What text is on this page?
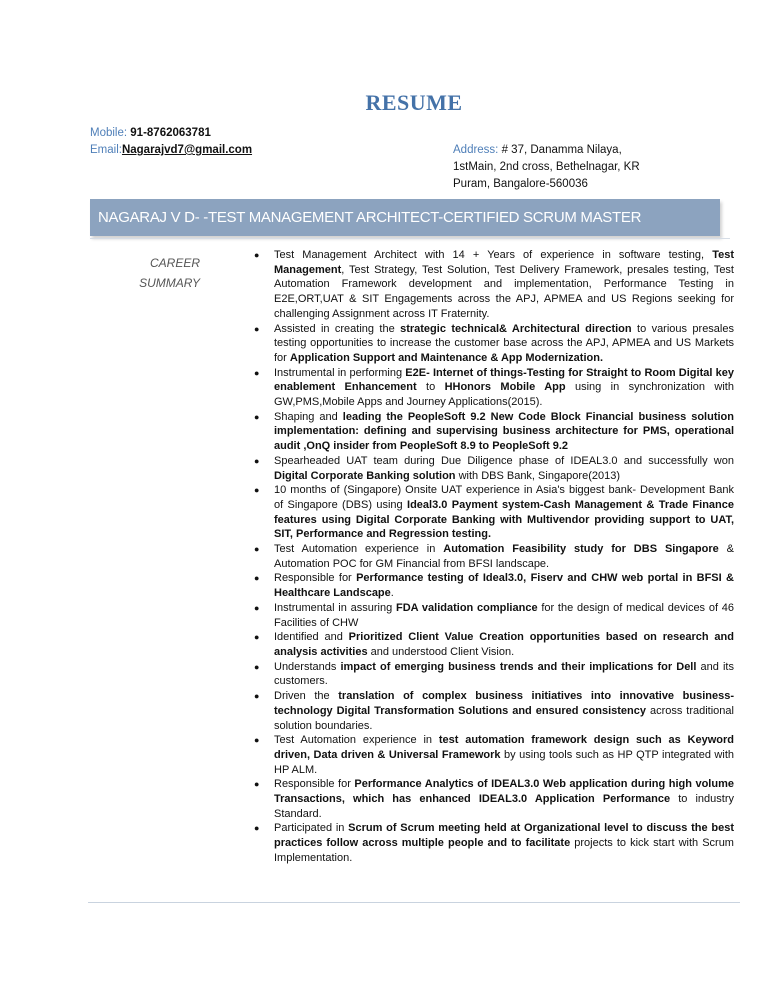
RESUME
Mobile: 91-8762063781
Email:Nagarajvd7@gmail.com	Address: # 37, Danamma Nilaya,
1stMain, 2nd cross, Bethelnagar, KR
Puram, Bangalore-560036
NAGARAJ V D- -TEST MANAGEMENT ARCHITECT-CERTIFIED SCRUM MASTER
CAREER
SUMMARY
● Test Management Architect with 14 + Years of experience in software testing, Test Management, Test Strategy, Test Solution, Test Delivery Framework, presales testing, Test Automation Framework development and implementation, Performance Testing in E2E,ORT,UAT & SIT Engagements across the APJ, APMEA and US Regions seeking for challenging Assignment across IT Fraternity.
● Assisted in creating the strategic technical& Architectural direction to various presales testing opportunities to increase the customer base across the APJ, APMEA and US Markets for Application Support and Maintenance & App Modernization.
● Instrumental in performing E2E- Internet of things-Testing for Straight to Room Digital key enablement Enhancement to HHonors Mobile App using in synchronization with GW,PMS,Mobile Apps and Journey Applications(2015).
● Shaping and leading the PeopleSoft 9.2 New Code Block Financial business solution implementation: defining and supervising business architecture for PMS, operational audit ,OnQ insider from PeopleSoft 8.9 to PeopleSoft 9.2
● Spearheaded UAT team during Due Diligence phase of IDEAL3.0 and successfully won Digital Corporate Banking solution with DBS Bank, Singapore(2013)
● 10 months of (Singapore) Onsite UAT experience in Asia's biggest bank- Development Bank of Singapore (DBS) using Ideal3.0 Payment system-Cash Management & Trade Finance features using Digital Corporate Banking with Multivendor providing support to UAT, SIT, Performance and Regression testing.
● Test Automation experience in Automation Feasibility study for DBS Singapore & Automation POC for GM Financial from BFSI landscape.
● Responsible for Performance testing of Ideal3.0, Fiserv and CHW web portal in BFSI & Healthcare Landscape.
● Instrumental in assuring FDA validation compliance for the design of medical devices of 46 Facilities of CHW
● Identified and Prioritized Client Value Creation opportunities based on research and analysis activities and understood Client Vision.
● Understands impact of emerging business trends and their implications for Dell and its customers.
● Driven the translation of complex business initiatives into innovative business-technology Digital Transformation Solutions and ensured consistency across traditional solution boundaries.
● Test Automation experience in test automation framework design such as Keyword driven, Data driven & Universal Framework by using tools such as HP QTP integrated with HP ALM.
● Responsible for Performance Analytics of IDEAL3.0 Web application during high volume Transactions, which has enhanced IDEAL3.0 Application Performance to industry Standard.
● Participated in Scrum of Scrum meeting held at Organizational level to discuss the best practices follow across multiple people and to facilitate projects to kick start with Scrum Implementation.
